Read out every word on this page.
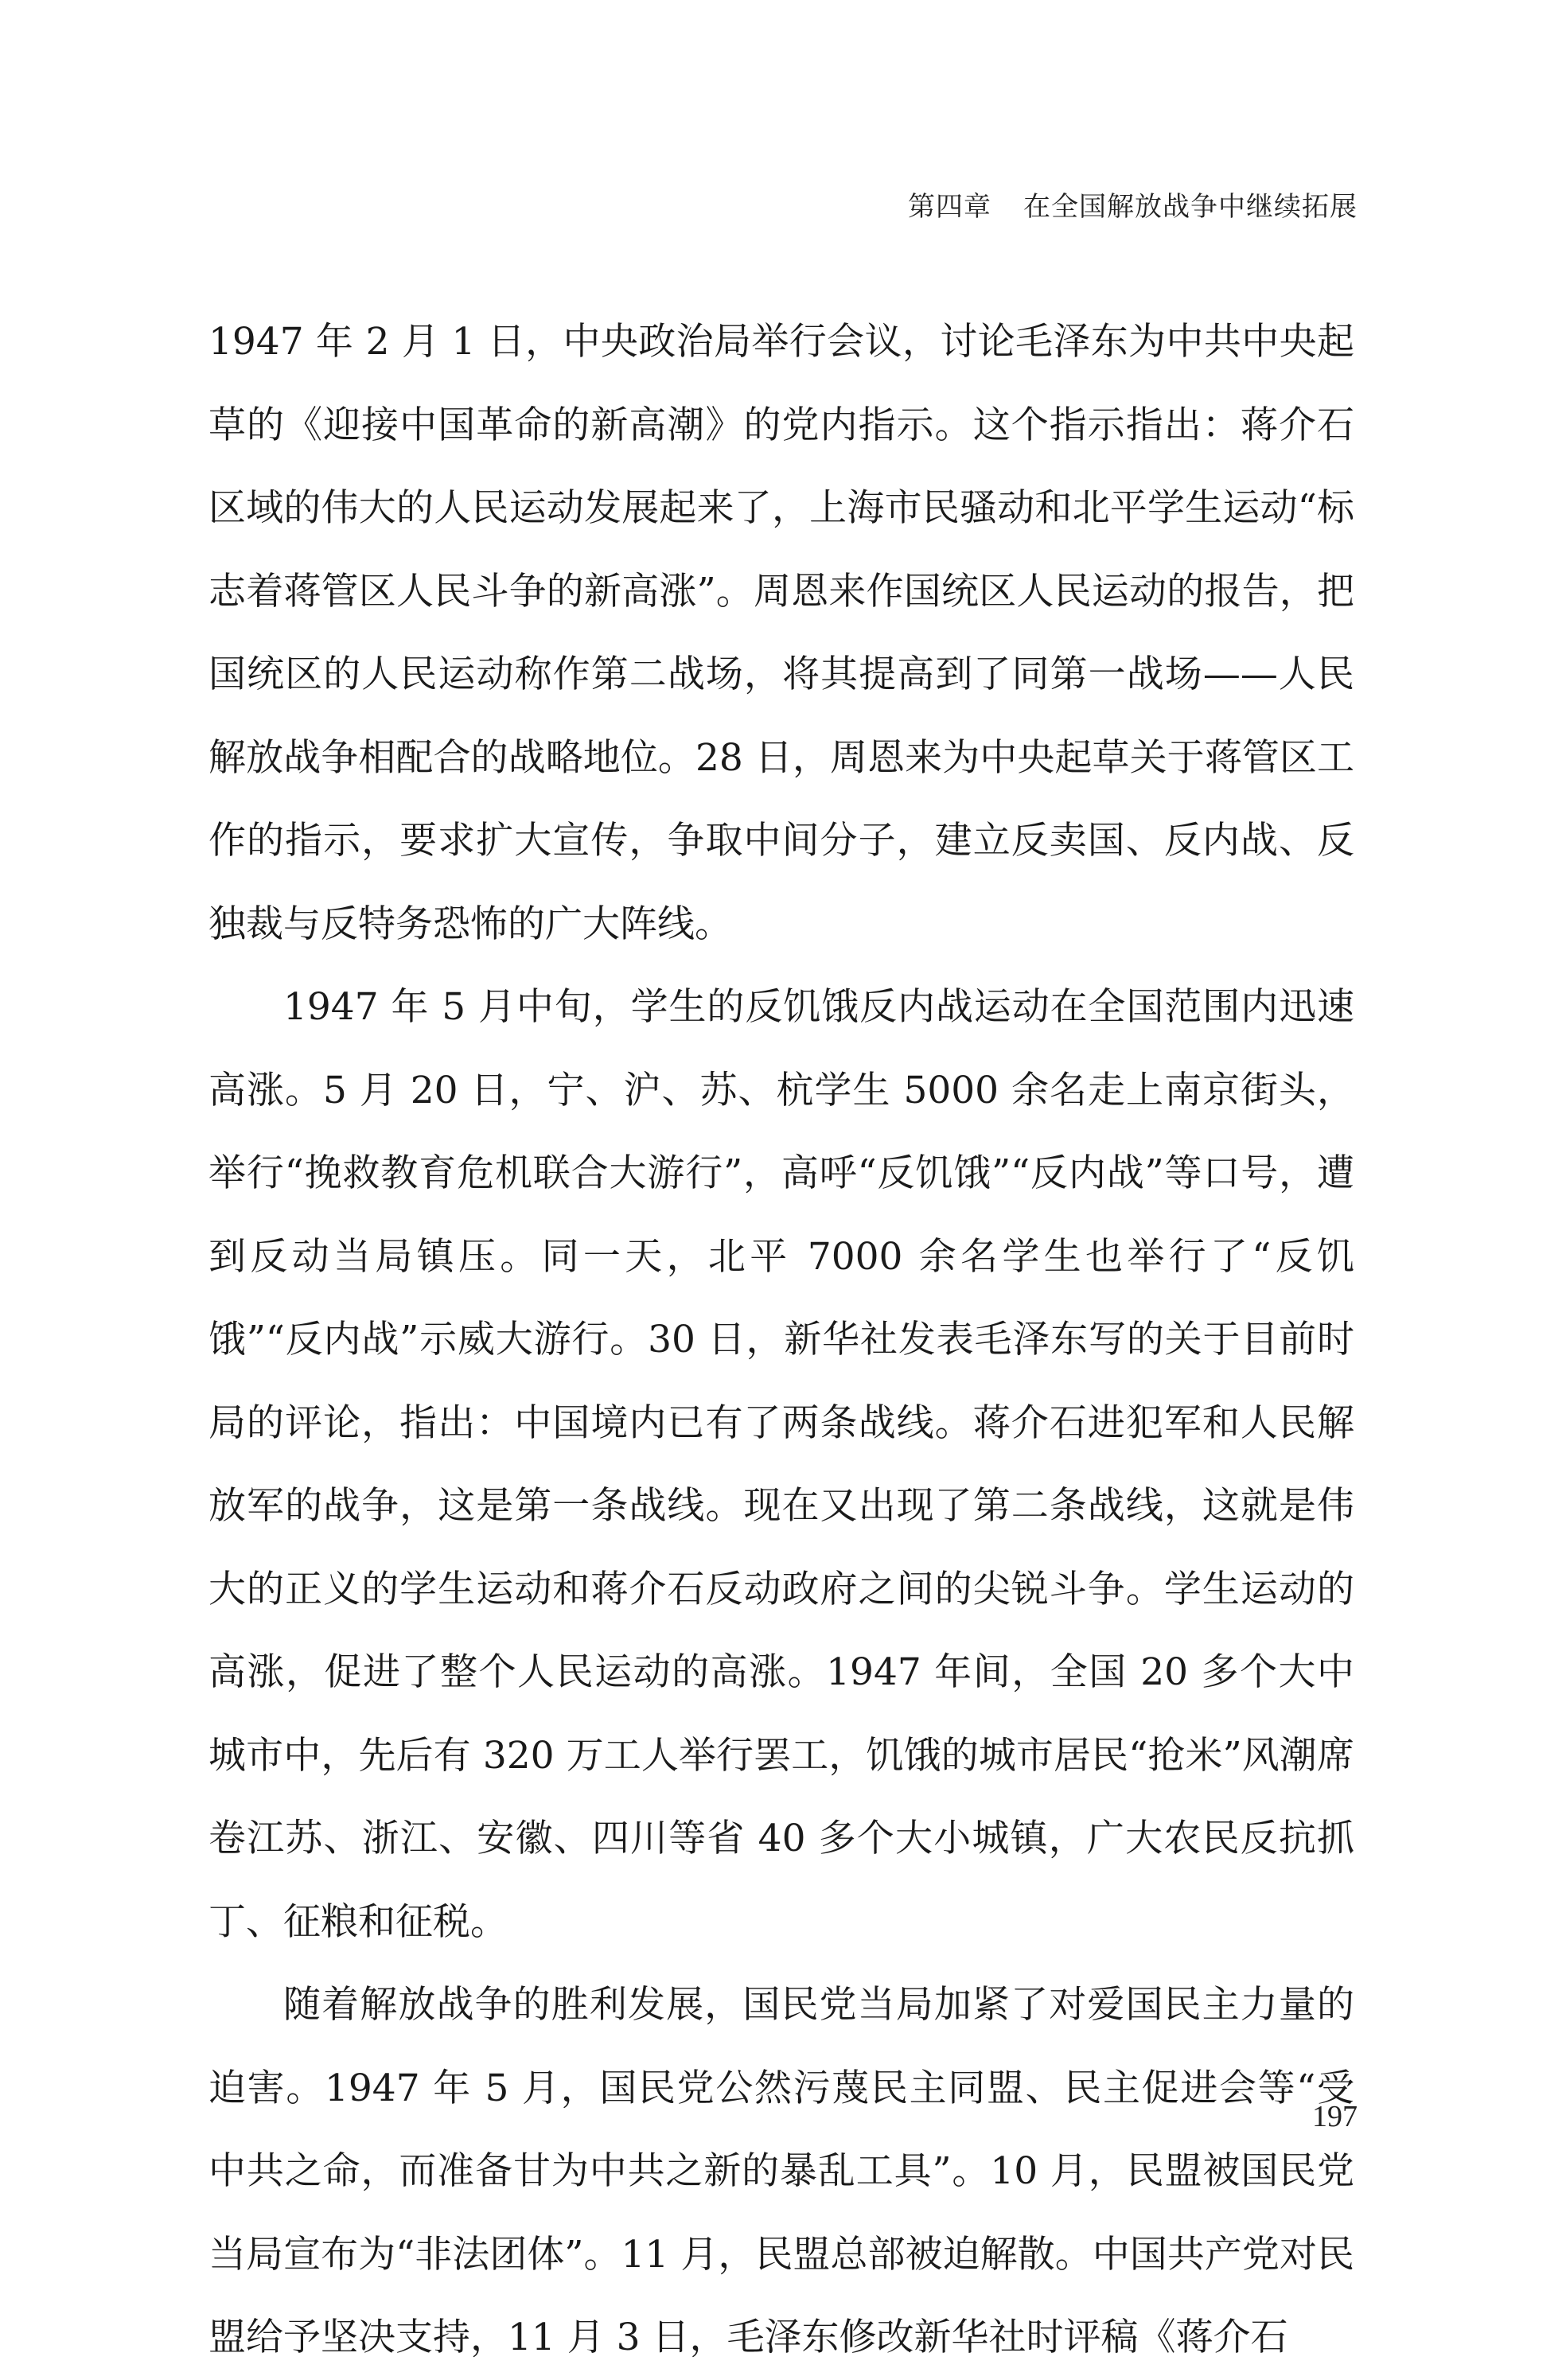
第四章 在全国解放战争中继续拓展

1947 年 2 月 1 日，中央政治局举行会议，讨论毛泽东为中共中央起草的《迎接中国革命的新高潮》的党内指示。这个指示指出：蒋介石区域的伟大的人民运动发展起来了，上海市民骚动和北平学生运动“标志着蒋管区人民斗争的新高涨”。周恩来作国统区人民运动的报告，把国统区的人民运动称作第二战场，将其提高到了同第一战场——人民解放战争相配合的战略地位。28 日，周恩来为中央起草关于蒋管区工作的指示，要求扩大宣传，争取中间分子，建立反卖国、反内战、反独裁与反特务恐怖的广大阵线。

1947 年 5 月中旬，学生的反饥饿反内战运动在全国范围内迅速高涨。5 月 20 日，宁、沪、苏、杭学生 5000 余名走上南京街头，举行“挽救教育危机联合大游行”，高呼“反饥饿”“反内战”等口号，遭到反动当局镇压。同一天，北平 7000 余名学生也举行了“反饥饿”“反内战”示威大游行。30 日，新华社发表毛泽东写的关于目前时局的评论，指出：中国境内已有了两条战线。蒋介石进犯军和人民解放军的战争，这是第一条战线。现在又出现了第二条战线，这就是伟大的正义的学生运动和蒋介石反动政府之间的尖锐斗争。学生运动的高涨，促进了整个人民运动的高涨。1947 年间，全国 20 多个大中城市中，先后有 320 万工人举行罢工，饥饿的城市居民“抢米”风潮席卷江苏、浙江、安徽、四川等省 40 多个大小城镇，广大农民反抗抓丁、征粮和征税。

随着解放战争的胜利发展，国民党当局加紧了对爱国民主力量的迫害。1947 年 5 月，国民党公然污蔑民主同盟、民主促进会等“受中共之命，而准备甘为中共之新的暴乱工具”。10 月，民盟被国民党当局宣布为“非法团体”。11 月，民盟总部被迫解散。中国共产党对民盟给予坚决支持，11 月 3 日，毛泽东修改新华社时评稿《蒋介石

197
